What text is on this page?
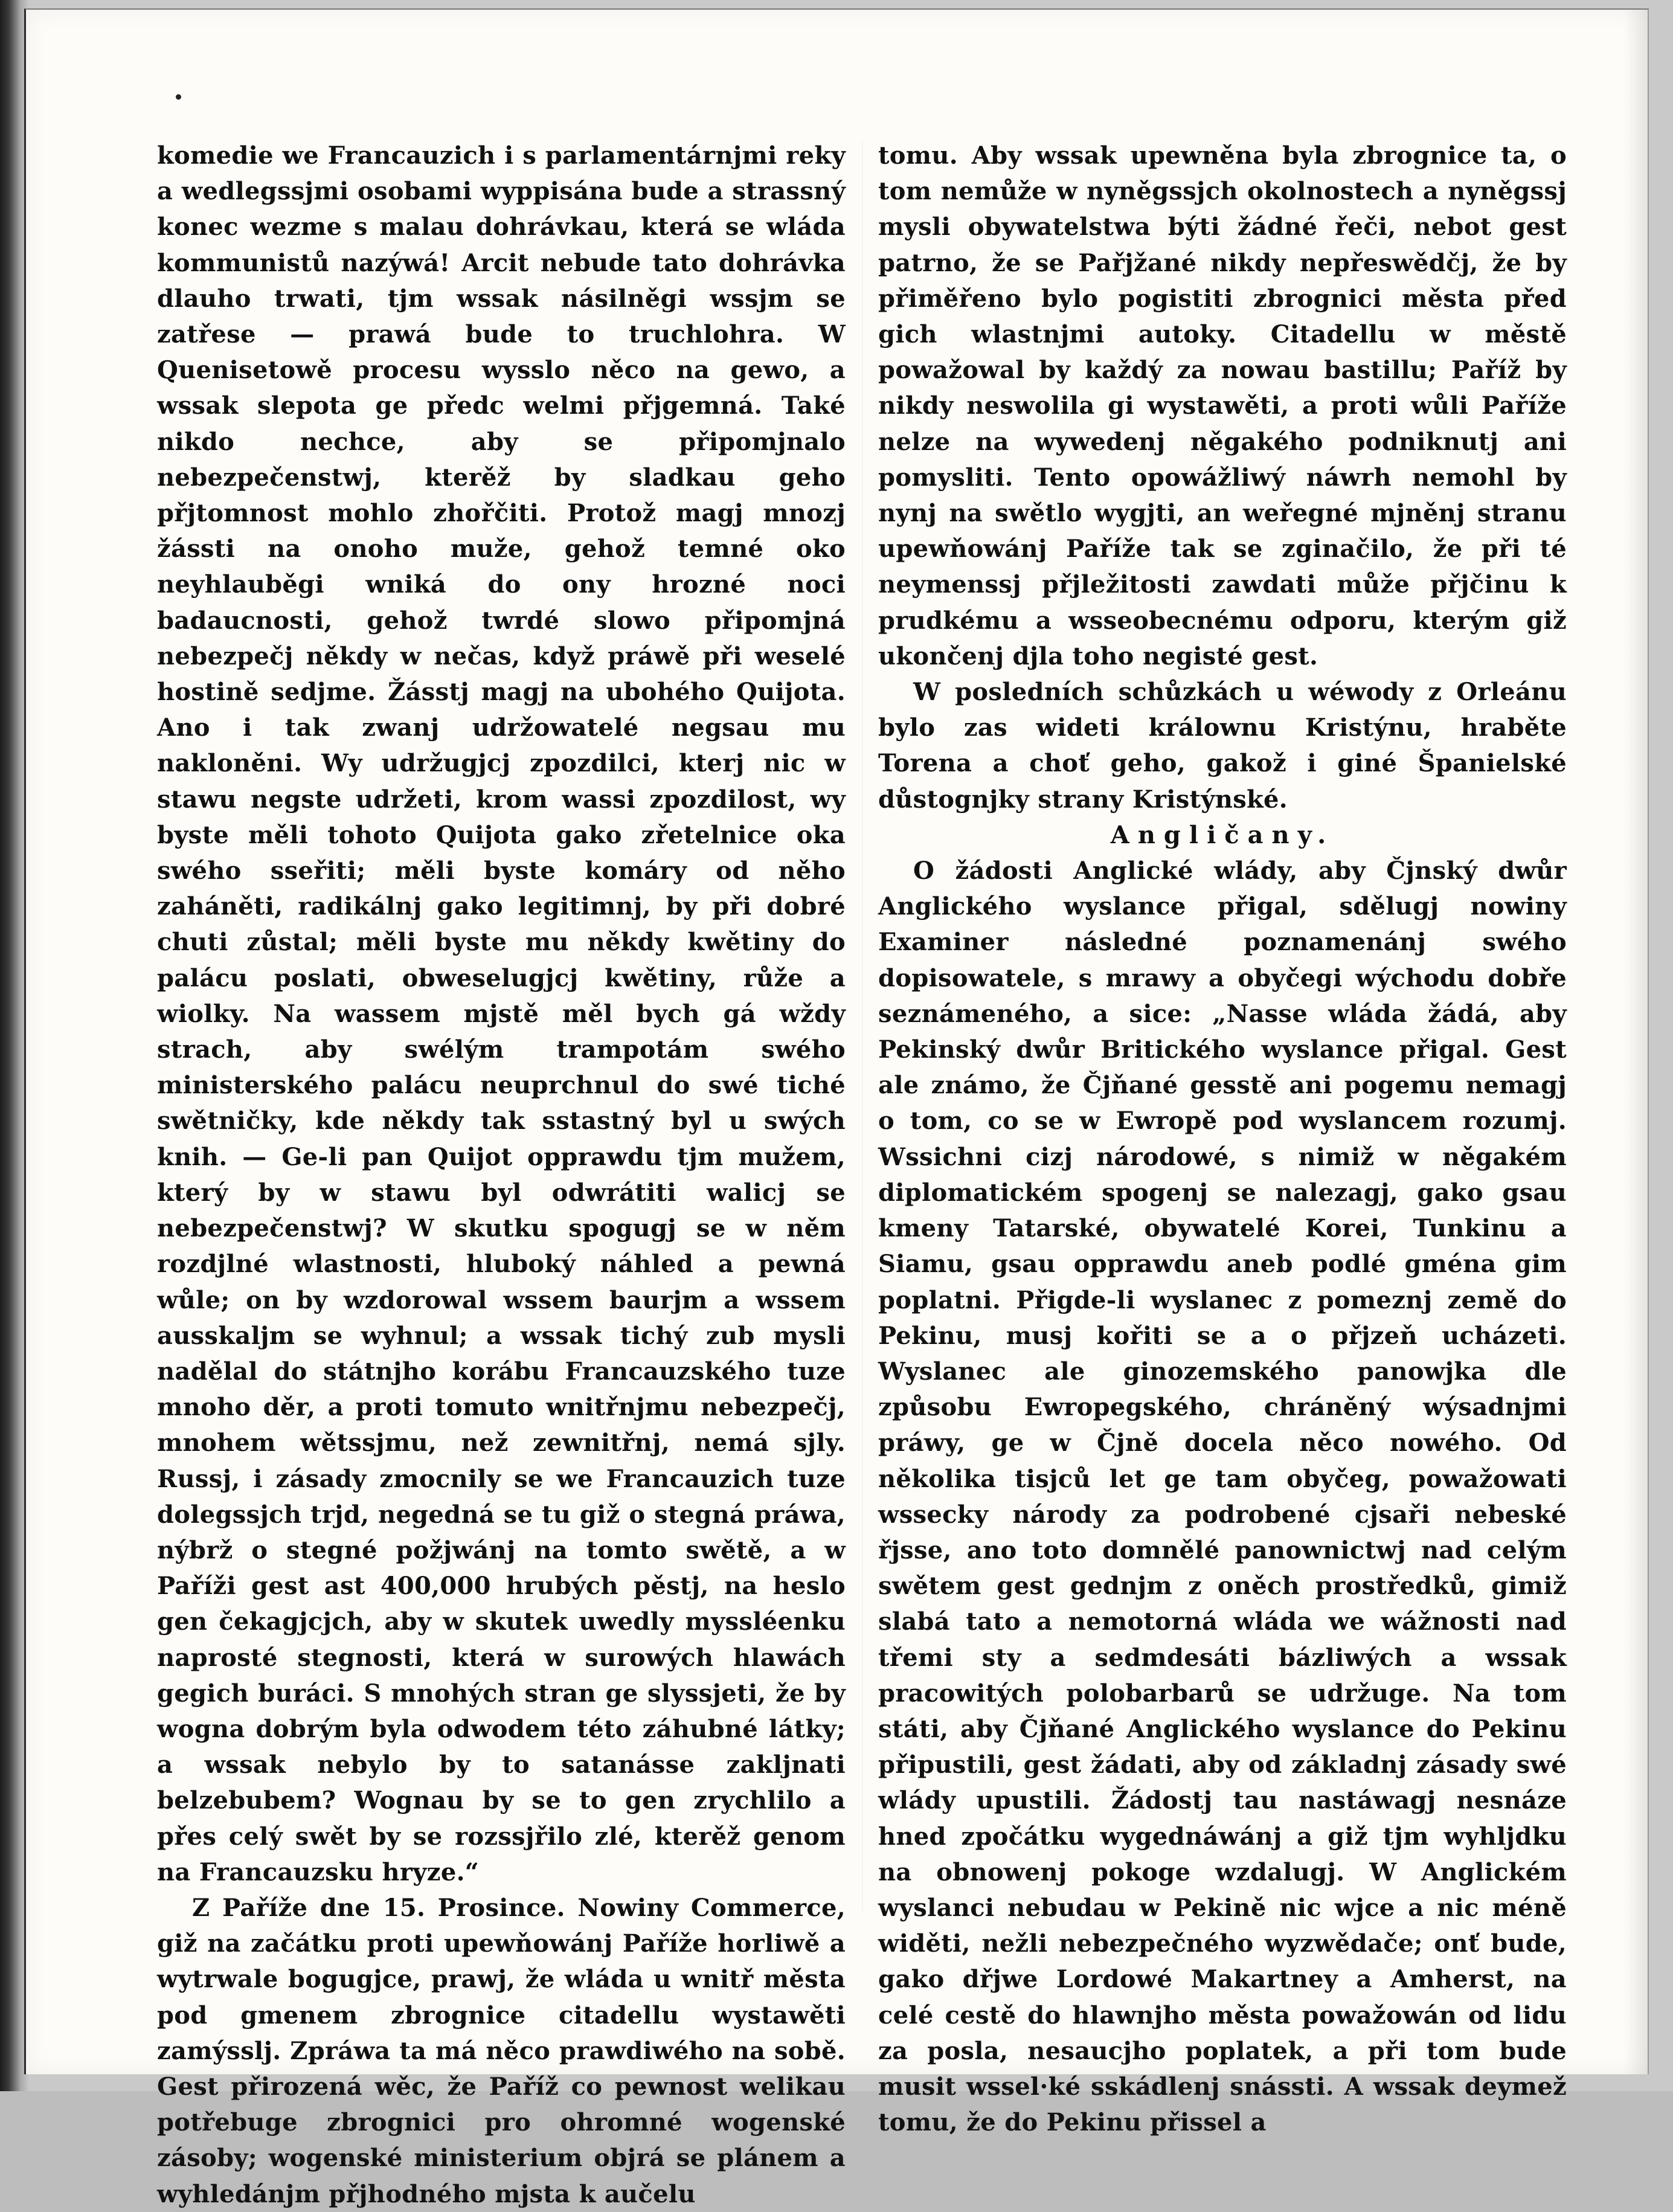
komedie we Francauzich i s parlamentárnjmi reky a wedlegssjmi osobami wyppisána bude a strassný konec wezme s malau dohrávkau, která se wláda kommunistů nazýwá! Arcit nebude tato dohrávka dlauho trwati, tjm wssak násilněgi wssjm se zatřese — prawá bude to truchlohra. W Quenisetowě procesu wysslo něco na gewo, a wssak slepota ge předc welmi přjgemná. Také nikdo nechce, aby se připomjnalo nebezpečenstwj, kterěž by sladkau geho přjtomnost mohlo zhořčiti. Protož magj mnozj žássti na onoho muže, gehož temné oko neyhlauběgi wniká do ony hrozné noci badaucnosti, gehož twrdé slowo připomjná nebezpečj někdy w nečas, když práwě při weselé hostině sedjme. Žásstj magj na ubohého Quijota. Ano i tak zwanj udržowatelé negsau mu nakloněni. Wy udržugjcj zpozdilci, kterj nic w stawu negste udržeti, krom wassi zpozdilost, wy byste měli tohoto Quijota gako zřetelnice oka swého sseřiti; měli byste komáry od něho zaháněti, radikálnj gako legitimnj, by při dobré chuti zůstal; měli byste mu někdy kwětiny do palácu poslati, obweselugjcj kwětiny, růže a wiolky. Na wassem mjstě měl bych gá wždy strach, aby swélým trampotám swého ministerského palácu neuprchnul do swé tiché swětničky, kde někdy tak sstastný byl u swých knih. — Ge-li pan Quijot opprawdu tjm mužem, který by w stawu byl odwrátiti walicj se nebezpečenstwj? W skutku spogugj se w něm rozdjlné wlastnosti, hluboký náhled a pewná wůle; on by wzdorowal wssem baurjm a wssem ausskaljm se wyhnul; a wssak tichý zub mysli nadělal do státnjho korábu Francauzského tuze mnoho děr, a proti tomuto wnitřnjmu nebezpečj, mnohem wětssjmu, než zewnitřnj, nemá sjly. Russj, i zásady zmocnily se we Francauzich tuze dolegssjch trjd, negedná se tu giž o stegná práwa, nýbrž o stegné požjwánj na tomto swětě, a w Paříži gest ast 400,000 hrubých pěstj, na heslo gen čekagjcjch, aby w skutek uwedly myssléenku naprosté stegnosti, která w surowých hlawách gegich buráci. S mnohých stran ge slyssjeti, že by wogna dobrým byla odwodem této záhubné látky; a wssak nebylo by to satanásse zakljnati belzebubem? Wognau by se to gen zrychlilo a přes celý swět by se rozssjřilo zlé, kterěž genom na Francauzsku hryze.“

Z Paříže dne 15. Prosince. Nowiny Commerce, giž na začátku proti upewňowánj Paříže horliwě a wytrwale bogugjce, prawj, že wláda u wnitř města pod gmenem zbrognice citadellu wystawěti zamýsslj. Zpráwa ta má něco prawdiwého na sobě. Gest přirozená wěc, že Paříž co pewnost welikau potřebuge zbrognici pro ohromné wogenské zásoby; wogenské ministerium objrá se plánem a wyhledánjm přjhodného mjsta k aučelu

tomu. Aby wssak upewněna byla zbrognice ta, o tom nemůže w nyněgssjch okolnostech a nyněgssj mysli obywatelstwa býti žádné řeči, nebot gest patrno, že se Pařjžané nikdy nepřeswědčj, že by přiměřeno bylo pogistiti zbrognici města před gich wlastnjmi autoky. Citadellu w městě powažowal by každý za nowau bastillu; Paříž by nikdy neswolila gi wystawěti, a proti wůli Paříže nelze na wywedenj něgakého podniknutj ani pomysliti. Tento opowážliwý náwrh nemohl by nynj na swětlo wygjti, an weřegné mjněnj stranu upewňowánj Paříže tak se zginačilo, že při té neymenssj přjležitosti zawdati může přjčinu k prudkému a wsseobecnému odporu, kterým giž ukončenj djla toho negisté gest.

W posledních schůzkách u wéwody z Orleánu bylo zas wideti králownu Kristýnu, hraběte Torena a choť geho, gakož i giné Španielské důstognjky strany Kristýnské.

Angličany.

O žádosti Anglické wlády, aby Čjnský dwůr Anglického wyslance přigal, sdělugj nowiny Examiner následné poznamenánj swého dopisowatele, s mrawy a obyčegi wýchodu dobře seznámeného, a sice: „Nasse wláda žádá, aby Pekinský dwůr Britického wyslance přigal. Gest ale známo, že Čjňané gesstě ani pogemu nemagj o tom, co se w Ewropě pod wyslancem rozumj. Wssichni cizj národowé, s nimiž w něgakém diplomatickém spogenj se nalezagj, gako gsau kmeny Tatarské, obywatelé Korei, Tunkinu a Siamu, gsau opprawdu aneb podlé gména gim poplatni. Přigde-li wyslanec z pomeznj země do Pekinu, musj kořiti se a o přjzeň ucházeti. Wyslanec ale ginozemského panowjka dle způsobu Ewropegského, chráněný wýsadnjmi práwy, ge w Čjně docela něco nowého. Od několika tisjců let ge tam obyčeg, powažowati wssecky národy za podrobené cjsaři nebeské řjsse, ano toto domnělé panownictwj nad celým swětem gest gednjm z oněch prostředků, gimiž slabá tato a nemotorná wláda we wážnosti nad třemi sty a sedmdesáti bázliwých a wssak pracowitých polobarbarů se udržuge. Na tom státi, aby Čjňané Anglického wyslance do Pekinu připustili, gest žádati, aby od základnj zásady swé wlády upustili. Žádostj tau nastáwagj nesnáze hned zpočátku wygednáwánj a giž tjm wyhlјdku na obnowenj pokoge wzdalugj. W Anglickém wyslanci nebudau w Pekině nic wjce a nic méně widěti, nežli nebezpečného wyzwědače; onť bude, gako dřjwe Lordowé Makartney a Amherst, na celé cestě do hlawnjho města powažowán od lidu za posla, nesaucjho poplatek, a při tom bude musit wssel·ké sskádlenj snássti. A wssak deymež tomu, že do Pekinu přissel a
